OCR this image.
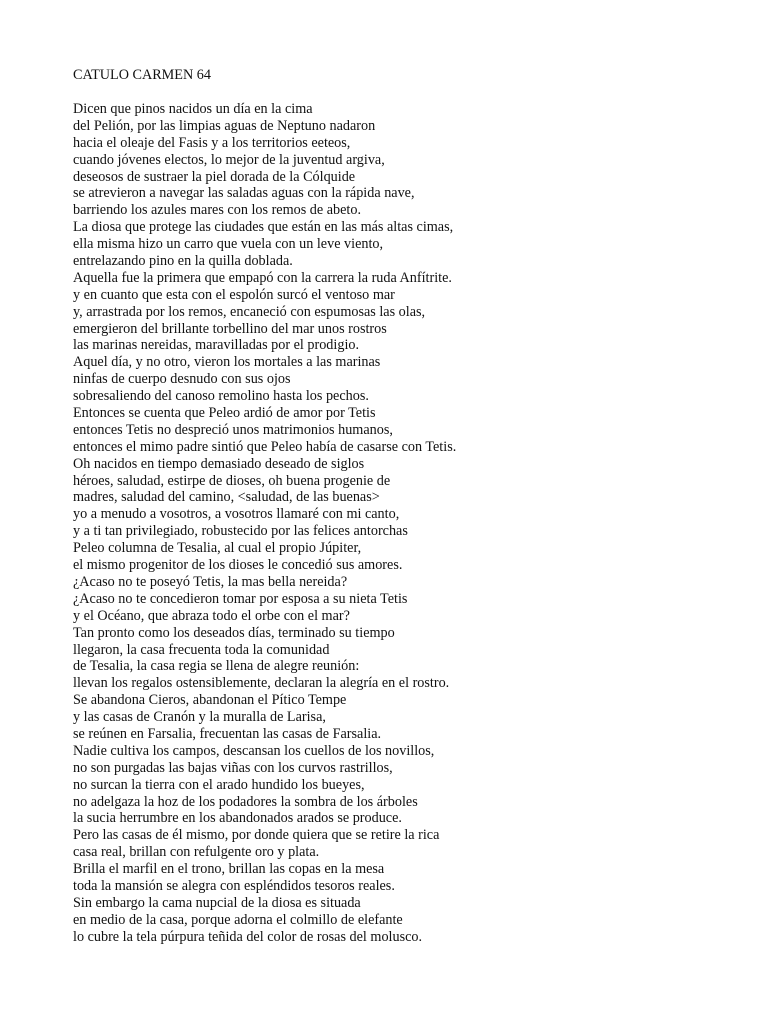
CATULO CARMEN 64
Dicen que pinos nacidos un día en la cima
del Pelión, por las limpias aguas de Neptuno nadaron
hacia el oleaje del Fasis y a los territorios eeteos,
cuando jóvenes electos, lo mejor de la juventud argiva,
deseosos de sustraer la piel dorada de la Cólquide
se atrevieron a navegar las saladas aguas con la rápida nave,
barriendo los azules mares con los remos de abeto.
La diosa que protege las ciudades que están en las más altas cimas,
ella misma hizo un carro que vuela con un leve viento,
entrelazando pino en la quilla doblada.
Aquella fue la primera que empapó con la carrera la ruda Anfítrite.
y en cuanto que esta con el espolón surcó el ventoso mar
y, arrastrada por los remos, encaneció con espumosas las olas,
emergieron del brillante torbellino del mar unos rostros
las marinas nereidas, maravilladas por el prodigio.
Aquel día, y no otro, vieron los mortales a las marinas
ninfas de cuerpo desnudo con sus ojos
sobresaliendo del canoso remolino hasta los pechos.
Entonces se cuenta que Peleo ardió de amor por Tetis
entonces Tetis no despreció unos matrimonios humanos,
entonces el mimo padre sintió que Peleo había de casarse con Tetis.
Oh nacidos en tiempo demasiado deseado de siglos
héroes, saludad, estirpe de dioses, oh buena progenie de
madres, saludad del camino, <saludad, de las buenas>
yo a menudo a vosotros, a vosotros llamaré con mi canto,
y a ti tan privilegiado, robustecido por las felices antorchas
Peleo columna de Tesalia, al cual el propio Júpiter,
el mismo progenitor de los dioses le concedió sus amores.
¿Acaso no te poseyó Tetis, la mas bella nereida?
¿Acaso no te concedieron tomar por esposa a su nieta Tetis
y el Océano, que abraza todo el orbe con el mar?
Tan pronto como los deseados días, terminado su tiempo
llegaron, la casa frecuenta toda la comunidad
de Tesalia, la casa regia se llena de alegre reunión:
llevan los regalos ostensiblemente, declaran la alegría en el rostro.
Se abandona Cieros, abandonan el Pítico Tempe
y las casas de Cranón y la muralla de Larisa,
se reúnen en Farsalia, frecuentan las casas de Farsalia.
Nadie cultiva los campos, descansan los cuellos de los novillos,
no son purgadas las bajas viñas con los curvos rastrillos,
no surcan la tierra con el arado hundido los bueyes,
no adelgaza la hoz de los podadores la sombra de los árboles
la sucia herrumbre en los abandonados arados se produce.
Pero las casas de él mismo, por donde quiera que se retire la rica
casa real, brillan con refulgente oro y plata.
Brilla el marfil en el trono, brillan las copas en la mesa
toda la mansión se alegra con espléndidos tesoros reales.
Sin embargo la cama nupcial de la diosa es situada
en medio de la casa, porque adorna el colmillo de elefante
lo cubre la tela púrpura teñida del color de rosas del molusco.
